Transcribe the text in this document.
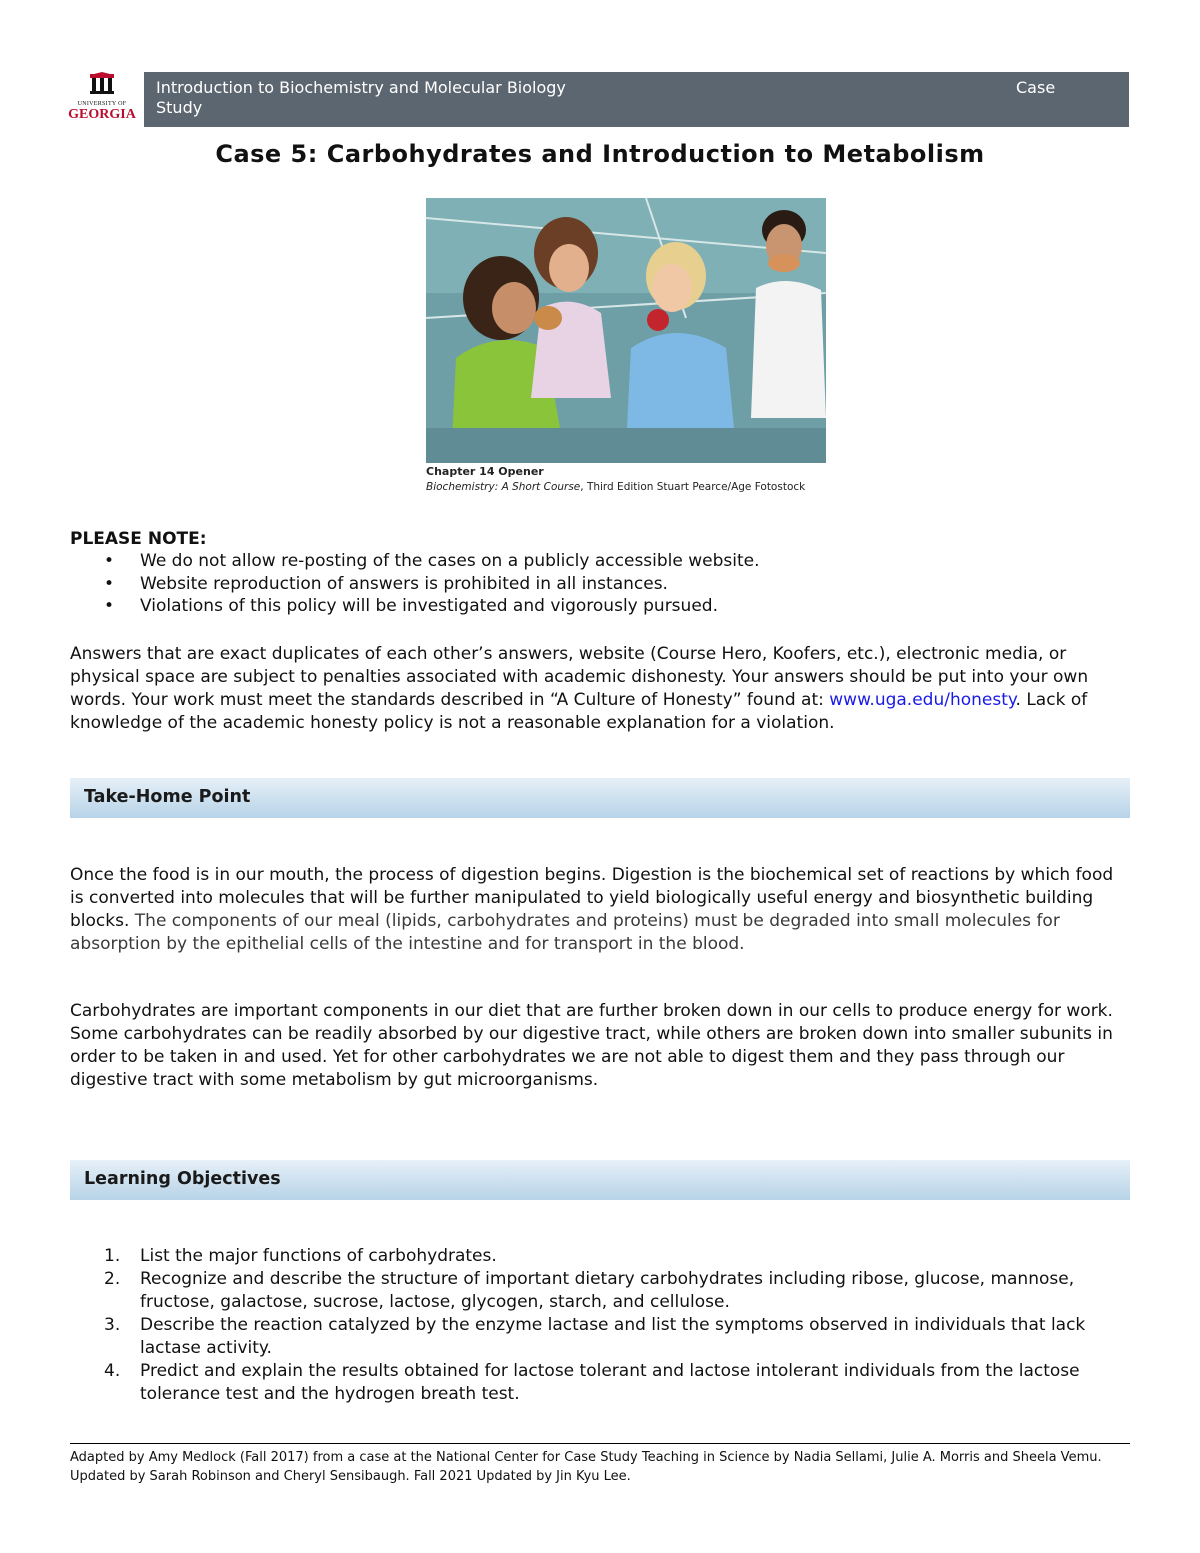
UNIVERSITY OF
GEORGIA
Introduction to Biochemistry and Molecular Biology	Case
Study
Case 5: Carbohydrates and Introduction to Metabolism
Chapter 14 Opener
Biochemistry: A Short Course, Third Edition Stuart Pearce/Age Fotostock
PLEASE NOTE:
• We do not allow re-posting of the cases on a publicly accessible website.
• Website reproduction of answers is prohibited in all instances.
• Violations of this policy will be investigated and vigorously pursued.
Answers that are exact duplicates of each other’s answers, website (Course Hero, Koofers, etc.), electronic media, or physical space are subject to penalties associated with academic dishonesty. Your answers should be put into your own words. Your work must meet the standards described in “A Culture of Honesty” found at: www.uga.edu/honesty. Lack of knowledge of the academic honesty policy is not a reasonable explanation for a violation.
Take-Home Point
Once the food is in our mouth, the process of digestion begins. Digestion is the biochemical set of reactions by which food is converted into molecules that will be further manipulated to yield biologically useful energy and biosynthetic building blocks. The components of our meal (lipids, carbohydrates and proteins) must be degraded into small molecules for absorption by the epithelial cells of the intestine and for transport in the blood.
Carbohydrates are important components in our diet that are further broken down in our cells to produce energy for work. Some carbohydrates can be readily absorbed by our digestive tract, while others are broken down into smaller subunits in order to be taken in and used. Yet for other carbohydrates we are not able to digest them and they pass through our digestive tract with some metabolism by gut microorganisms.
Learning Objectives
1. List the major functions of carbohydrates.
2. Recognize and describe the structure of important dietary carbohydrates including ribose, glucose, mannose, fructose, galactose, sucrose, lactose, glycogen, starch, and cellulose.
3. Describe the reaction catalyzed by the enzyme lactase and list the symptoms observed in individuals that lack lactase activity.
4. Predict and explain the results obtained for lactose tolerant and lactose intolerant individuals from the lactose tolerance test and the hydrogen breath test.
Adapted by Amy Medlock (Fall 2017) from a case at the National Center for Case Study Teaching in Science by Nadia Sellami, Julie A. Morris and Sheela Vemu. Updated by Sarah Robinson and Cheryl Sensibaugh. Fall 2021 Updated by Jin Kyu Lee.
